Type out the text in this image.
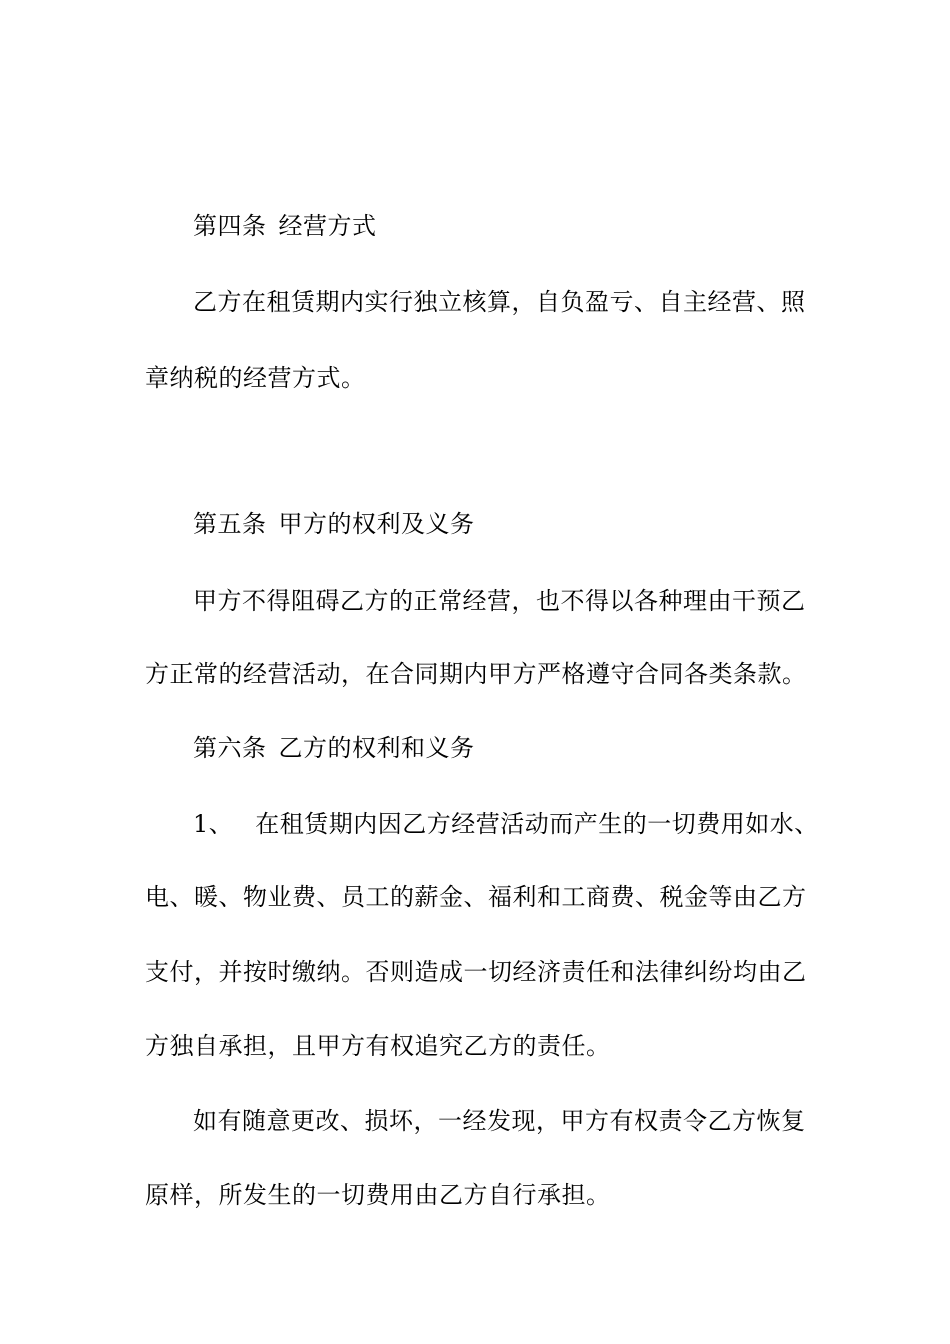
第四条 经营方式
乙方在租赁期内实行独立核算，自负盈亏、自主经营、照
章纳税的经营方式。
第五条 甲方的权利及义务
甲方不得阻碍乙方的正常经营，也不得以各种理由干预乙
方正常的经营活动，在合同期内甲方严格遵守合同各类条款。
第六条 乙方的权利和义务
1、 在租赁期内因乙方经营活动而产生的一切费用如水、
电、暖、物业费、员工的薪金、福利和工商费、税金等由乙方
支付，并按时缴纳。否则造成一切经济责任和法律纠纷均由乙
方独自承担，且甲方有权追究乙方的责任。
如有随意更改、损坏，一经发现，甲方有权责令乙方恢复
原样，所发生的一切费用由乙方自行承担。
